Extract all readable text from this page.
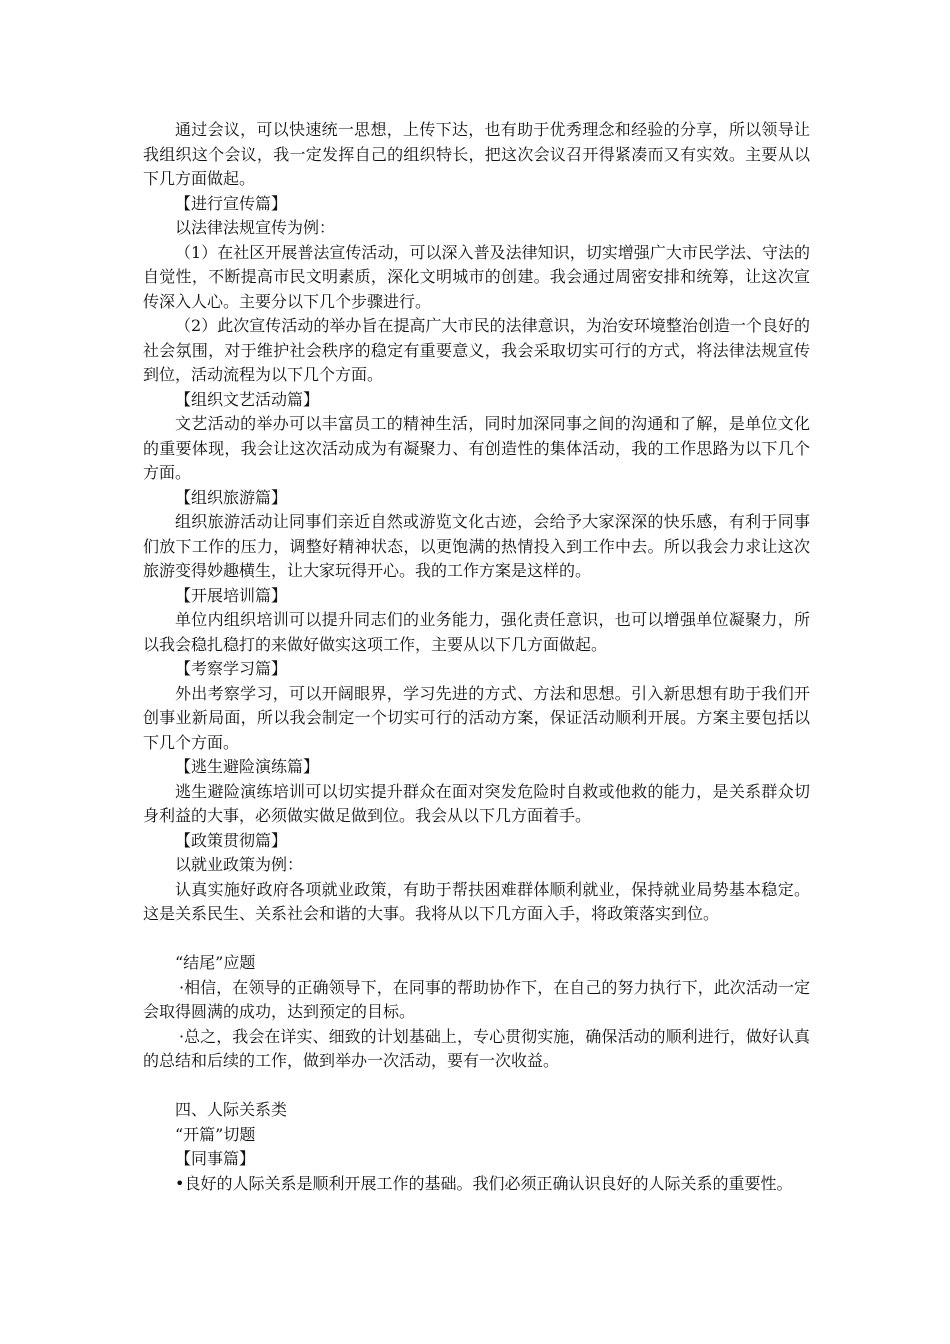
通过会议，可以快速统一思想，上传下达，也有助于优秀理念和经验的分享，所以领导让我组织这个会议，我一定发挥自己的组织特长，把这次会议召开得紧凑而又有实效。主要从以下几方面做起。

【进行宣传篇】

以法律法规宣传为例：

（1）在社区开展普法宣传活动，可以深入普及法律知识，切实增强广大市民学法、守法的自觉性，不断提高市民文明素质，深化文明城市的创建。我会通过周密安排和统筹，让这次宣传深入人心。主要分以下几个步骤进行。

（2）此次宣传活动的举办旨在提高广大市民的法律意识，为治安环境整治创造一个良好的社会氛围，对于维护社会秩序的稳定有重要意义，我会采取切实可行的方式，将法律法规宣传到位，活动流程为以下几个方面。

【组织文艺活动篇】

文艺活动的举办可以丰富员工的精神生活，同时加深同事之间的沟通和了解，是单位文化的重要体现，我会让这次活动成为有凝聚力、有创造性的集体活动，我的工作思路为以下几个方面。

【组织旅游篇】

组织旅游活动让同事们亲近自然或游览文化古迹，会给予大家深深的快乐感，有利于同事们放下工作的压力，调整好精神状态，以更饱满的热情投入到工作中去。所以我会力求让这次旅游变得妙趣横生，让大家玩得开心。我的工作方案是这样的。

【开展培训篇】

单位内组织培训可以提升同志们的业务能力，强化责任意识，也可以增强单位凝聚力，所以我会稳扎稳打的来做好做实这项工作，主要从以下几方面做起。

【考察学习篇】

外出考察学习，可以开阔眼界，学习先进的方式、方法和思想。引入新思想有助于我们开创事业新局面，所以我会制定一个切实可行的活动方案，保证活动顺利开展。方案主要包括以下几个方面。

【逃生避险演练篇】

逃生避险演练培训可以切实提升群众在面对突发危险时自救或他救的能力，是关系群众切身利益的大事，必须做实做足做到位。我会从以下几方面着手。

【政策贯彻篇】

以就业政策为例：

认真实施好政府各项就业政策，有助于帮扶困难群体顺利就业，保持就业局势基本稳定。这是关系民生、关系社会和谐的大事。我将从以下几方面入手，将政策落实到位。

“结尾”应题

·相信，在领导的正确领导下，在同事的帮助协作下，在自己的努力执行下，此次活动一定会取得圆满的成功，达到预定的目标。

·总之，我会在详实、细致的计划基础上，专心贯彻实施，确保活动的顺利进行，做好认真的总结和后续的工作，做到举办一次活动，要有一次收益。

四、人际关系类

“开篇”切题

【同事篇】

•良好的人际关系是顺利开展工作的基础。我们必须正确认识良好的人际关系的重要性。
